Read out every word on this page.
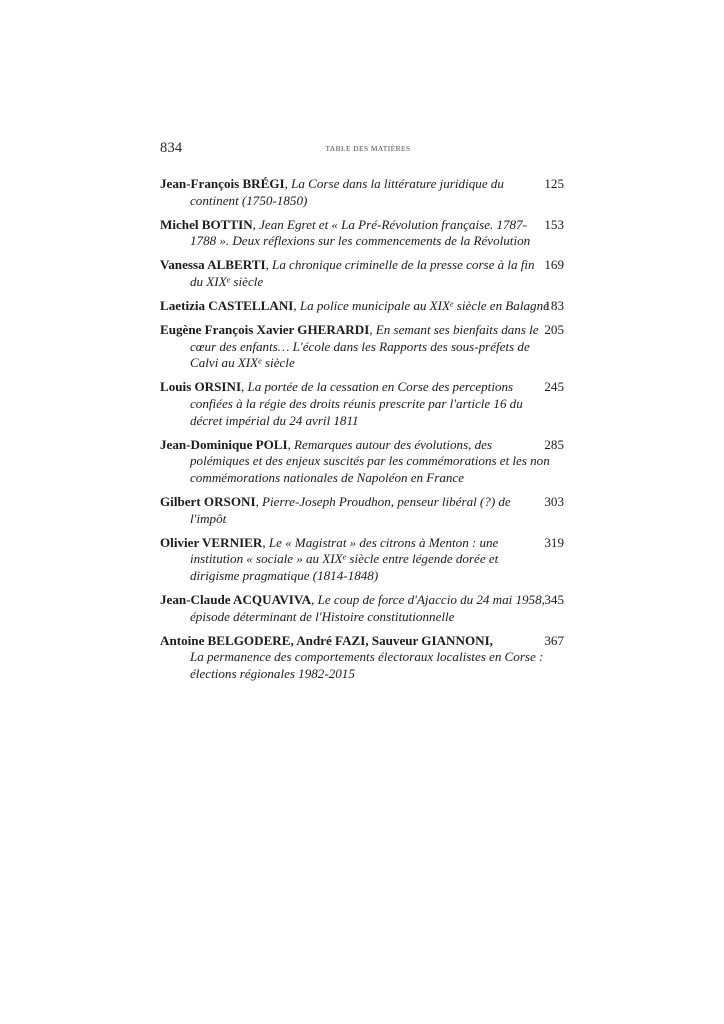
834	TABLE DES MATIÈRES
Jean-François BRÉGI, La Corse dans la littérature juridique du continent (1750-1850)
125
Michel BOTTIN, Jean Egret et « La Pré-Révolution française. 1787-1788 ». Deux réflexions sur les commencements de la Révolution
153
Vanessa ALBERTI, La chronique criminelle de la presse corse à la fin du XIXe siècle
169
Laetizia CASTELLANI, La police municipale au XIXe siècle en Balagne
183
Eugène François Xavier GHERARDI, En semant ses bienfaits dans le cœur des enfants… L'école dans les Rapports des sous-préfets de Calvi au XIXe siècle
205
Louis ORSINI, La portée de la cessation en Corse des perceptions confiées à la régie des droits réunis prescrite par l'article 16 du décret impérial du 24 avril 1811
245
Jean-Dominique POLI, Remarques autour des évolutions, des polémiques et des enjeux suscités par les commémorations et les non commémorations nationales de Napoléon en France
285
Gilbert ORSONI, Pierre-Joseph Proudhon, penseur libéral (?) de l'impôt
303
Olivier VERNIER, Le « Magistrat » des citrons à Menton : une institution « sociale » au XIXe siècle entre légende dorée et dirigisme pragmatique (1814-1848)
319
Jean-Claude ACQUAVIVA, Le coup de force d'Ajaccio du 24 mai 1958, épisode déterminant de l'Histoire constitutionnelle
345
Antoine BELGODERE, André FAZI, Sauveur GIANNONI,
La permanence des comportements électoraux localistes en Corse : élections régionales 1982-2015
367
